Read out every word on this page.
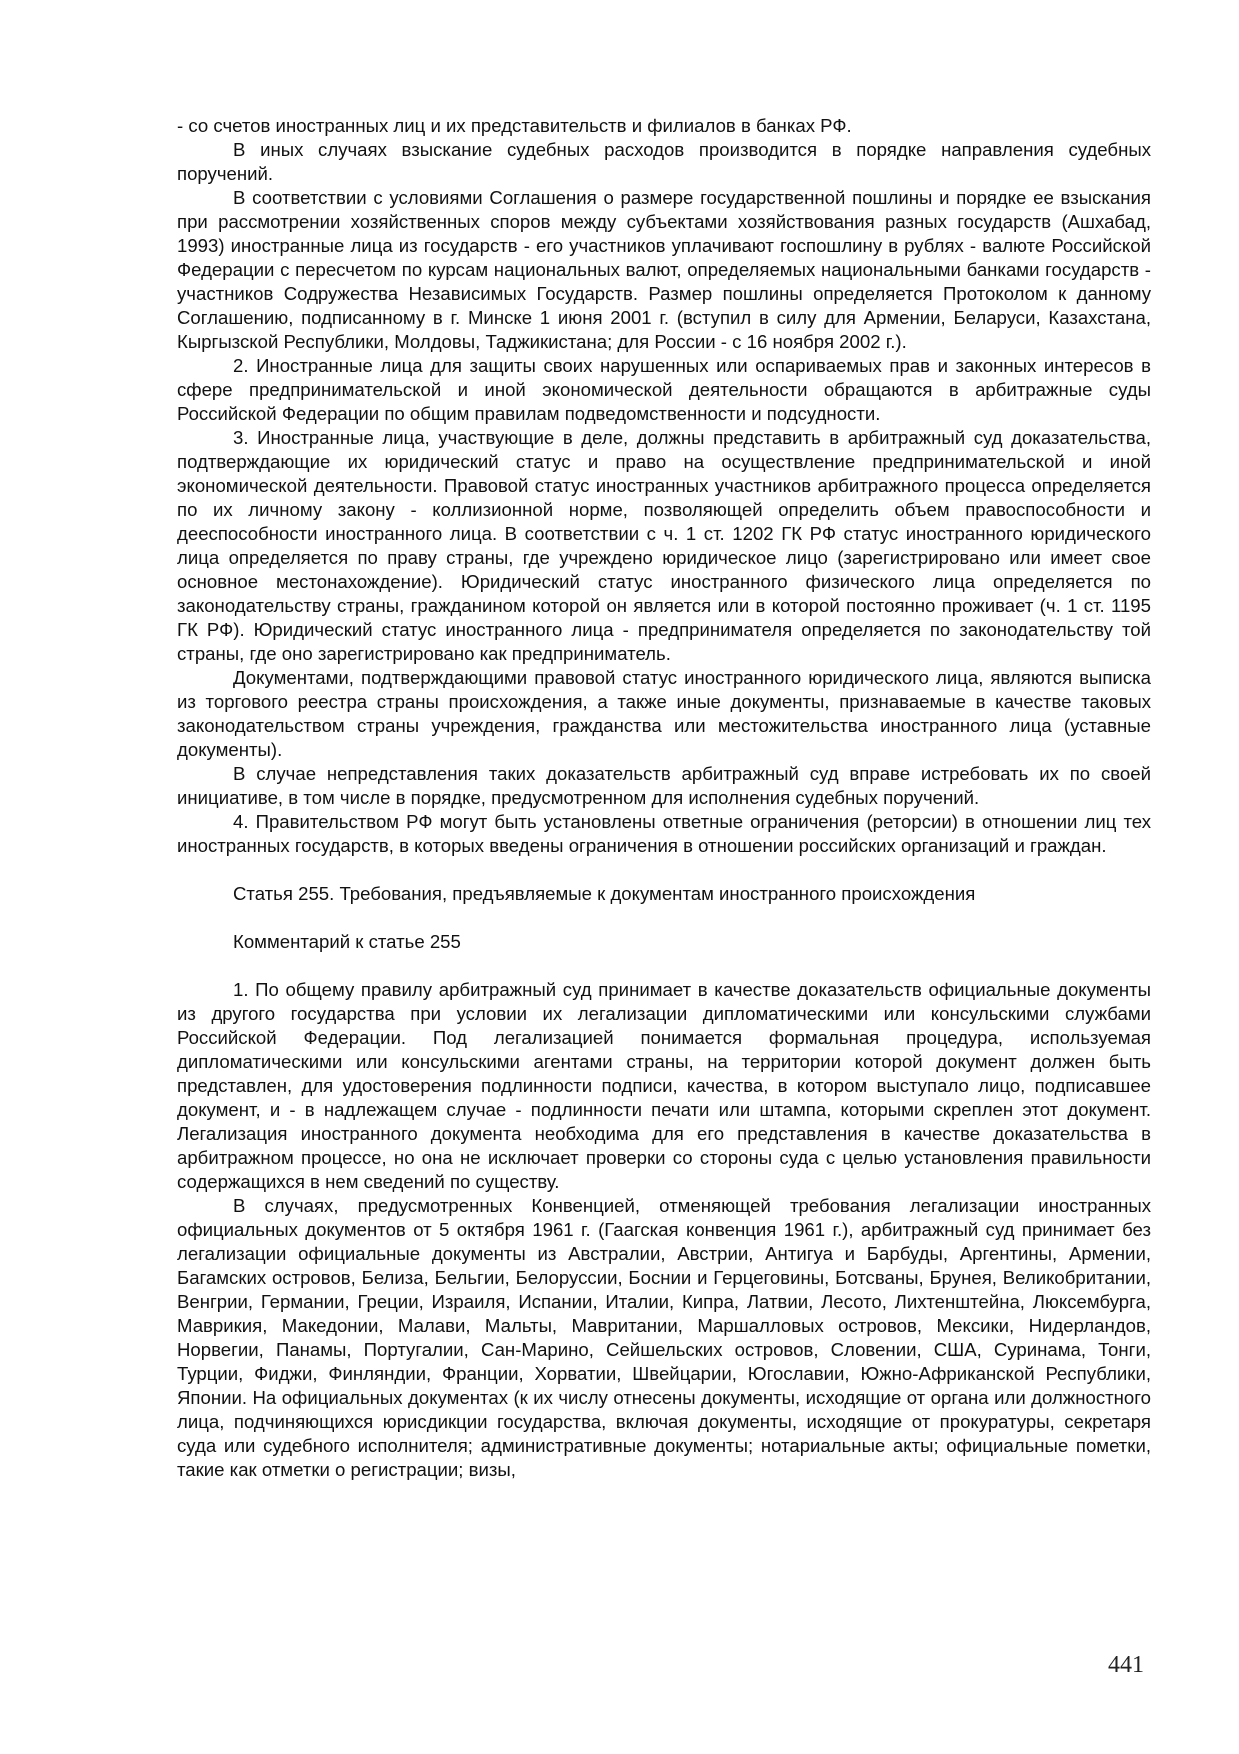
- со счетов иностранных лиц и их представительств и филиалов в банках РФ.

В иных случаях взыскание судебных расходов производится в порядке направления судебных поручений.

В соответствии с условиями Соглашения о размере государственной пошлины и порядке ее взыскания при рассмотрении хозяйственных споров между субъектами хозяйствования разных государств (Ашхабад, 1993) иностранные лица из государств - его участников уплачивают госпошлину в рублях - валюте Российской Федерации с пересчетом по курсам национальных валют, определяемых национальными банками государств - участников Содружества Независимых Государств. Размер пошлины определяется Протоколом к данному Соглашению, подписанному в г. Минске 1 июня 2001 г. (вступил в силу для Армении, Беларуси, Казахстана, Кыргызской Республики, Молдовы, Таджикистана; для России - с 16 ноября 2002 г.).

2. Иностранные лица для защиты своих нарушенных или оспариваемых прав и законных интересов в сфере предпринимательской и иной экономической деятельности обращаются в арбитражные суды Российской Федерации по общим правилам подведомственности и подсудности.

3. Иностранные лица, участвующие в деле, должны представить в арбитражный суд доказательства, подтверждающие их юридический статус и право на осуществление предпринимательской и иной экономической деятельности. Правовой статус иностранных участников арбитражного процесса определяется по их личному закону - коллизионной норме, позволяющей определить объем правоспособности и дееспособности иностранного лица. В соответствии с ч. 1 ст. 1202 ГК РФ статус иностранного юридического лица определяется по праву страны, где учреждено юридическое лицо (зарегистрировано или имеет свое основное местонахождение). Юридический статус иностранного физического лица определяется по законодательству страны, гражданином которой он является или в которой постоянно проживает (ч. 1 ст. 1195 ГК РФ). Юридический статус иностранного лица - предпринимателя определяется по законодательству той страны, где оно зарегистрировано как предприниматель.

Документами, подтверждающими правовой статус иностранного юридического лица, являются выписка из торгового реестра страны происхождения, а также иные документы, признаваемые в качестве таковых законодательством страны учреждения, гражданства или местожительства иностранного лица (уставные документы).

В случае непредставления таких доказательств арбитражный суд вправе истребовать их по своей инициативе, в том числе в порядке, предусмотренном для исполнения судебных поручений.

4. Правительством РФ могут быть установлены ответные ограничения (реторсии) в отношении лиц тех иностранных государств, в которых введены ограничения в отношении российских организаций и граждан.

Статья 255. Требования, предъявляемые к документам иностранного происхождения

Комментарий к статье 255

1. По общему правилу арбитражный суд принимает в качестве доказательств официальные документы из другого государства при условии их легализации дипломатическими или консульскими службами Российской Федерации. Под легализацией понимается формальная процедура, используемая дипломатическими или консульскими агентами страны, на территории которой документ должен быть представлен, для удостоверения подлинности подписи, качества, в котором выступало лицо, подписавшее документ, и - в надлежащем случае - подлинности печати или штампа, которыми скреплен этот документ. Легализация иностранного документа необходима для его представления в качестве доказательства в арбитражном процессе, но она не исключает проверки со стороны суда с целью установления правильности содержащихся в нем сведений по существу.

В случаях, предусмотренных Конвенцией, отменяющей требования легализации иностранных официальных документов от 5 октября 1961 г. (Гаагская конвенция 1961 г.), арбитражный суд принимает без легализации официальные документы из Австралии, Австрии, Антигуа и Барбуды, Аргентины, Армении, Багамских островов, Белиза, Бельгии, Белоруссии, Боснии и Герцеговины, Ботсваны, Брунея, Великобритании, Венгрии, Германии, Греции, Израиля, Испании, Италии, Кипра, Латвии, Лесото, Лихтенштейна, Люксембурга, Маврикия, Македонии, Малави, Мальты, Мавритании, Маршалловых островов, Мексики, Нидерландов, Норвегии, Панамы, Португалии, Сан-Марино, Сейшельских островов, Словении, США, Суринама, Тонги, Турции, Фиджи, Финляндии, Франции, Хорватии, Швейцарии, Югославии, Южно-Африканской Республики, Японии. На официальных документах (к их числу отнесены документы, исходящие от органа или должностного лица, подчиняющихся юрисдикции государства, включая документы, исходящие от прокуратуры, секретаря суда или судебного исполнителя; административные документы; нотариальные акты; официальные пометки, такие как отметки о регистрации; визы,

441
